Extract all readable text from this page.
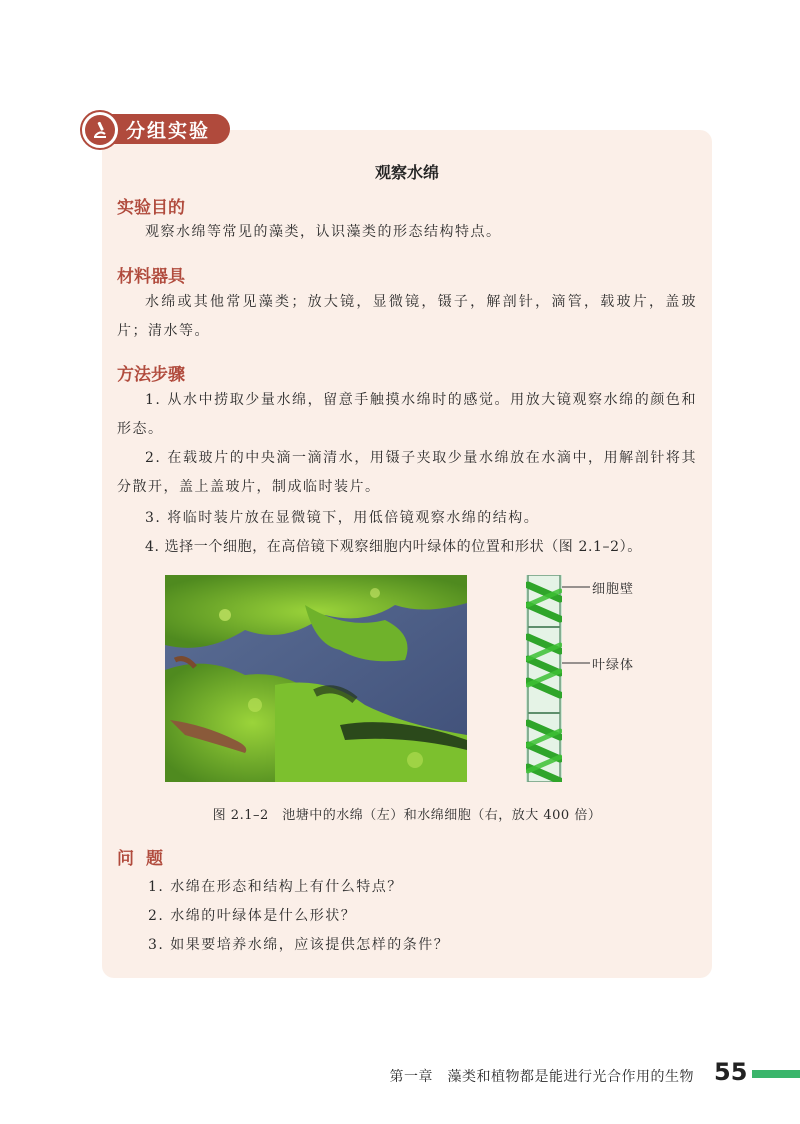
分组实验
观察水绵
实验目的
观察水绵等常见的藻类，认识藻类的形态结构特点。
材料器具
水绵或其他常见藻类；放大镜，显微镜，镊子，解剖针，滴管，载玻片，盖玻片；清水等。
方法步骤
1. 从水中捞取少量水绵，留意手触摸水绵时的感觉。用放大镜观察水绵的颜色和形态。
2. 在载玻片的中央滴一滴清水，用镊子夹取少量水绵放在水滴中，用解剖针将其分散开，盖上盖玻片，制成临时装片。
3. 将临时装片放在显微镜下，用低倍镜观察水绵的结构。
4. 选择一个细胞，在高倍镜下观察细胞内叶绿体的位置和形状（图 2.1–2）。
细胞壁
叶绿体
图 2.1–2　池塘中的水绵（左）和水绵细胞（右，放大 400 倍）
问题
1. 水绵在形态和结构上有什么特点？
2. 水绵的叶绿体是什么形状？
3. 如果要培养水绵，应该提供怎样的条件？
第一章　藻类和植物都是能进行光合作用的生物 55
